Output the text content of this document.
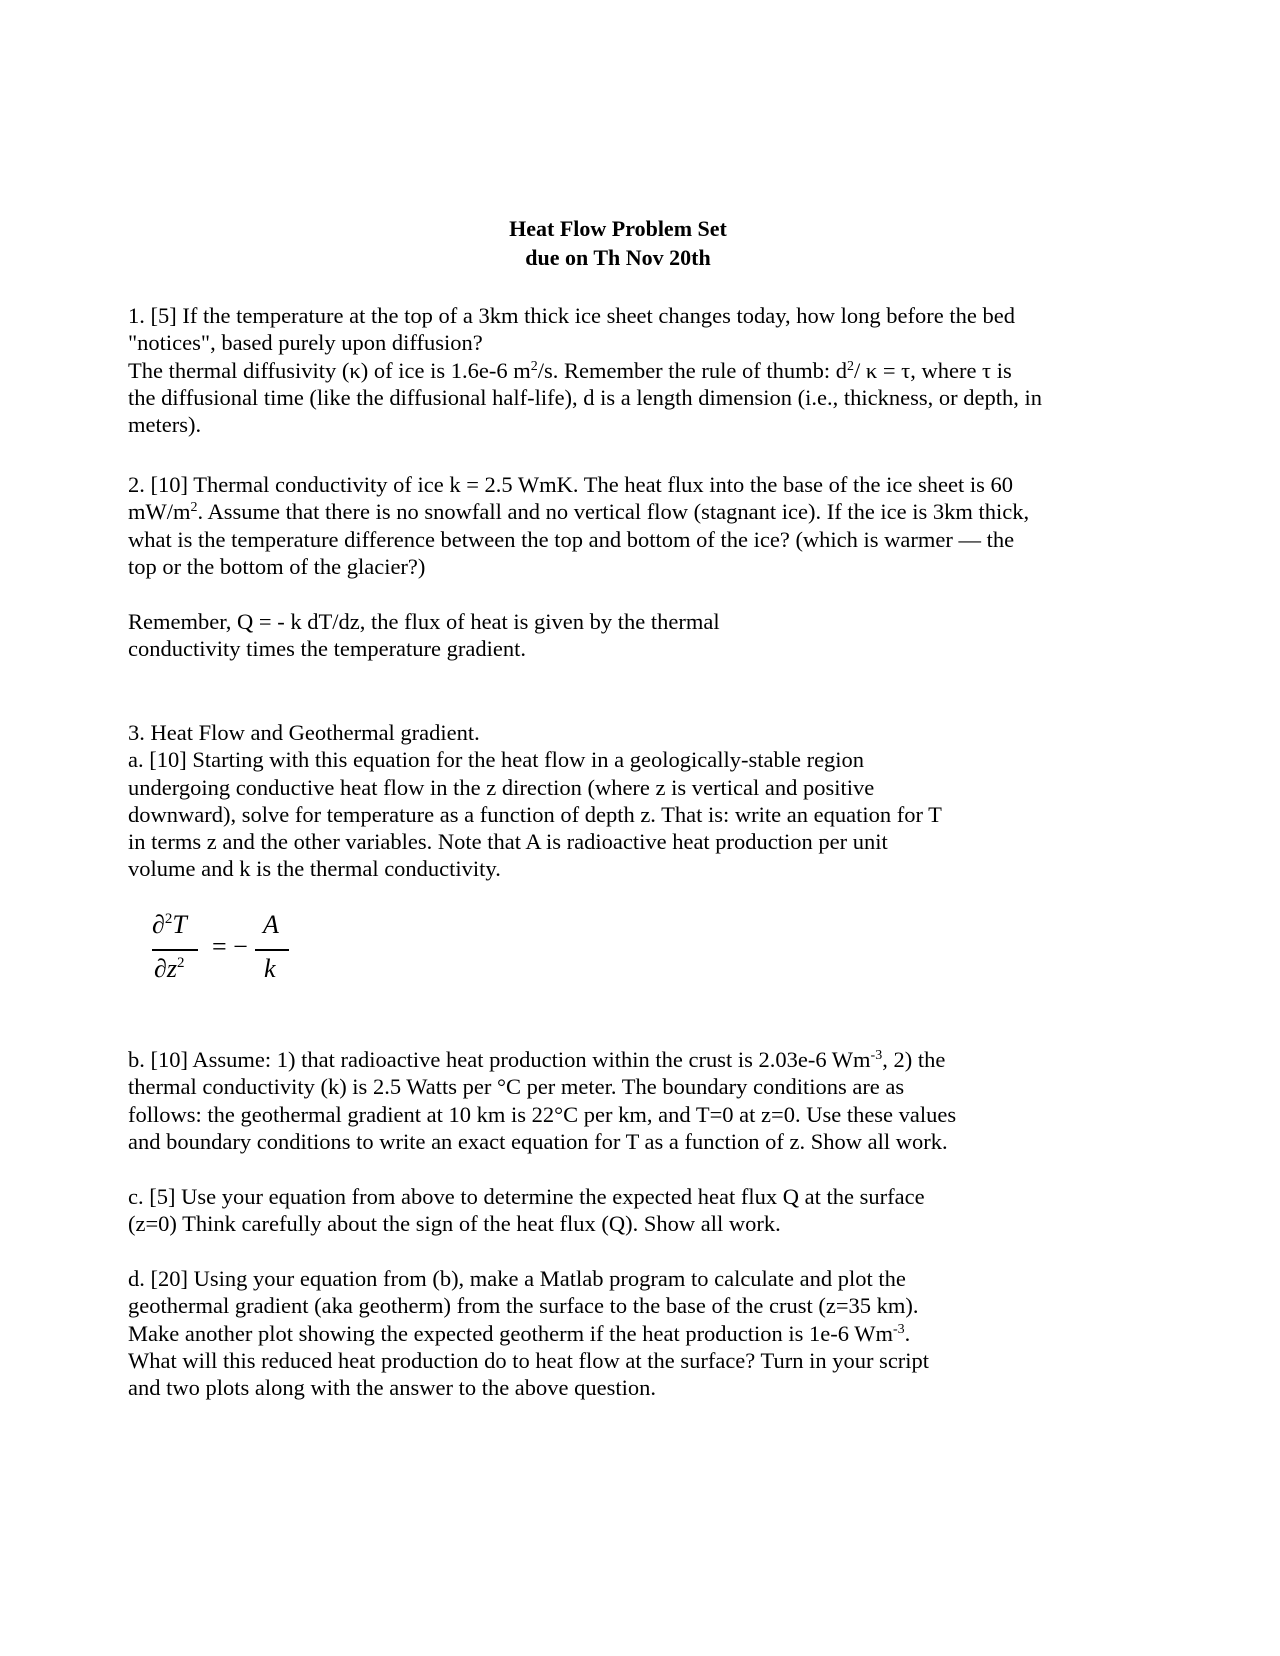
Heat Flow Problem Set
due on Th Nov 20th
1. [5] If the temperature at the top of a 3km thick ice sheet changes today, how long before the bed
"notices", based purely upon diffusion?
The thermal diffusivity (κ) of ice is 1.6e-6 $m^2/s$. Remember the rule of thumb: $d^2/$ κ = τ, where τ is
the diffusional time (like the diffusional half-life), d is a length dimension (i.e., thickness, or depth, in
meters).
2. [10] Thermal conductivity of ice k = 2.5 WmK. The heat flux into the base of the ice sheet is 60
$mW/m^2$. Assume that there is no snowfall and no vertical flow (stagnant ice). If the ice is 3km thick,
what is the temperature difference between the top and bottom of the ice? (which is warmer — the
top or the bottom of the glacier?)
Remember, Q = - k dT/dz, the flux of heat is given by the thermal
conductivity times the temperature gradient.
3. Heat Flow and Geothermal gradient.
a. [10] Starting with this equation for the heat flow in a geologically-stable region
undergoing conductive heat flow in the z direction (where z is vertical and positive
downward), solve for temperature as a function of depth z. That is: write an equation for T
in terms z and the other variables. Note that A is radioactive heat production per unit
volume and k is the thermal conductivity.
∂$^2$T
$\partial z^2$
= −
A
k
b. [10] Assume: 1) that radioactive heat production within the crust is 2.03e-6 $Wm^{-3}$, 2) the
thermal conductivity (k) is 2.5 Watts per °C per meter. The boundary conditions are as
follows: the geothermal gradient at 10 km is 22°C per km, and T=0 at z=0. Use these values
and boundary conditions to write an exact equation for T as a function of z. Show all work.
c. [5] Use your equation from above to determine the expected heat flux Q at the surface
(z=0) Think carefully about the sign of the heat flux (Q). Show all work.
d. [20] Using your equation from (b), make a Matlab program to calculate and plot the
geothermal gradient (aka geotherm) from the surface to the base of the crust (z=35 km).
Make another plot showing the expected geotherm if the heat production is 1e-6 $Wm^{-3}$.
What will this reduced heat production do to heat flow at the surface? Turn in your script
and two plots along with the answer to the above question.
